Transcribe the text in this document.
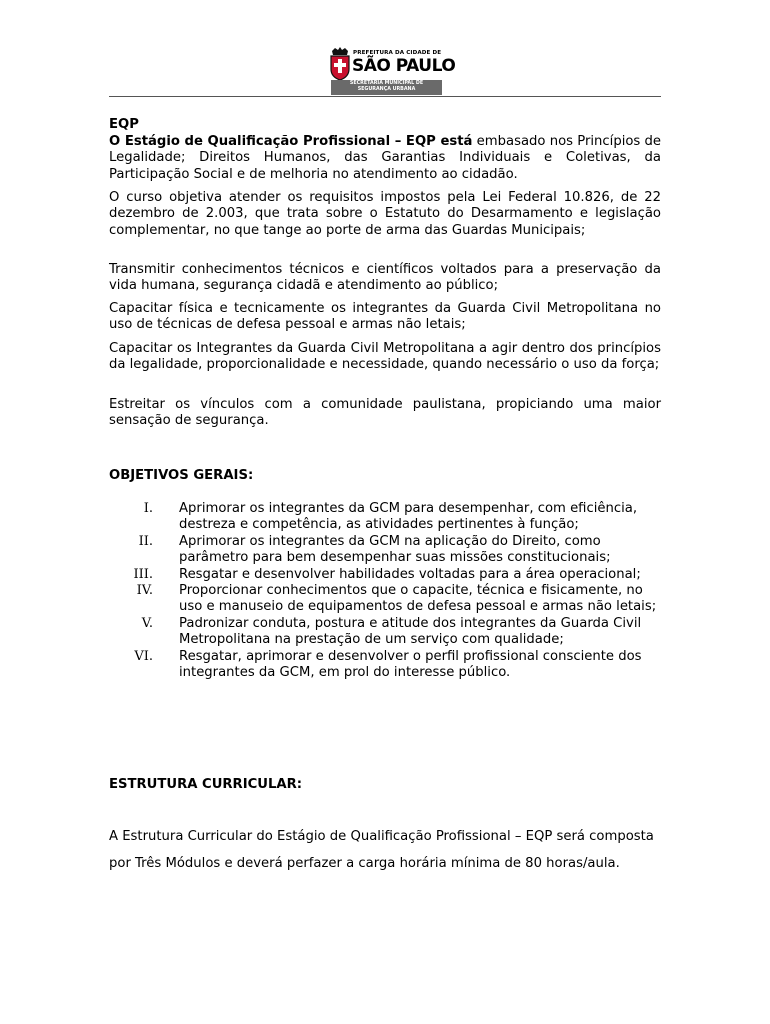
PREFEITURA DA CIDADE DE
SÃO PAULO
SECRETARIA MUNICIPAL DE
SEGURANÇA URBANA
EQP
O Estágio de Qualificação Profissional – EQP está embasado nos Princípios de Legalidade; Direitos Humanos, das Garantias Individuais e Coletivas, da Participação Social e de melhoria no atendimento ao cidadão.
O curso objetiva atender os requisitos impostos pela Lei Federal 10.826, de 22 dezembro de 2.003, que trata sobre o Estatuto do Desarmamento e legislação complementar, no que tange ao porte de arma das Guardas Municipais;
Transmitir conhecimentos técnicos e científicos voltados para a preservação da vida humana, segurança cidadã e atendimento ao público;
Capacitar física e tecnicamente os integrantes da Guarda Civil Metropolitana no uso de técnicas de defesa pessoal e armas não letais;
Capacitar os Integrantes da Guarda Civil Metropolitana a agir dentro dos princípios da legalidade, proporcionalidade e necessidade, quando necessário o uso da força;
Estreitar os vínculos com a comunidade paulistana, propiciando uma maior sensação de segurança.
OBJETIVOS GERAIS:
I. Aprimorar os integrantes da GCM para desempenhar, com eficiência, destreza e competência, as atividades pertinentes à função;
II. Aprimorar os integrantes da GCM na aplicação do Direito, como parâmetro para bem desempenhar suas missões constitucionais;
III. Resgatar e desenvolver habilidades voltadas para a área operacional;
IV. Proporcionar conhecimentos que o capacite, técnica e fisicamente, no uso e manuseio de equipamentos de defesa pessoal e armas não letais;
V. Padronizar conduta, postura e atitude dos integrantes da Guarda Civil Metropolitana na prestação de um serviço com qualidade;
VI. Resgatar, aprimorar e desenvolver o perfil profissional consciente dos integrantes da GCM, em prol do interesse público.
ESTRUTURA CURRICULAR:
A Estrutura Curricular do Estágio de Qualificação Profissional – EQP será composta por Três Módulos e deverá perfazer a carga horária mínima de 80 horas/aula.
